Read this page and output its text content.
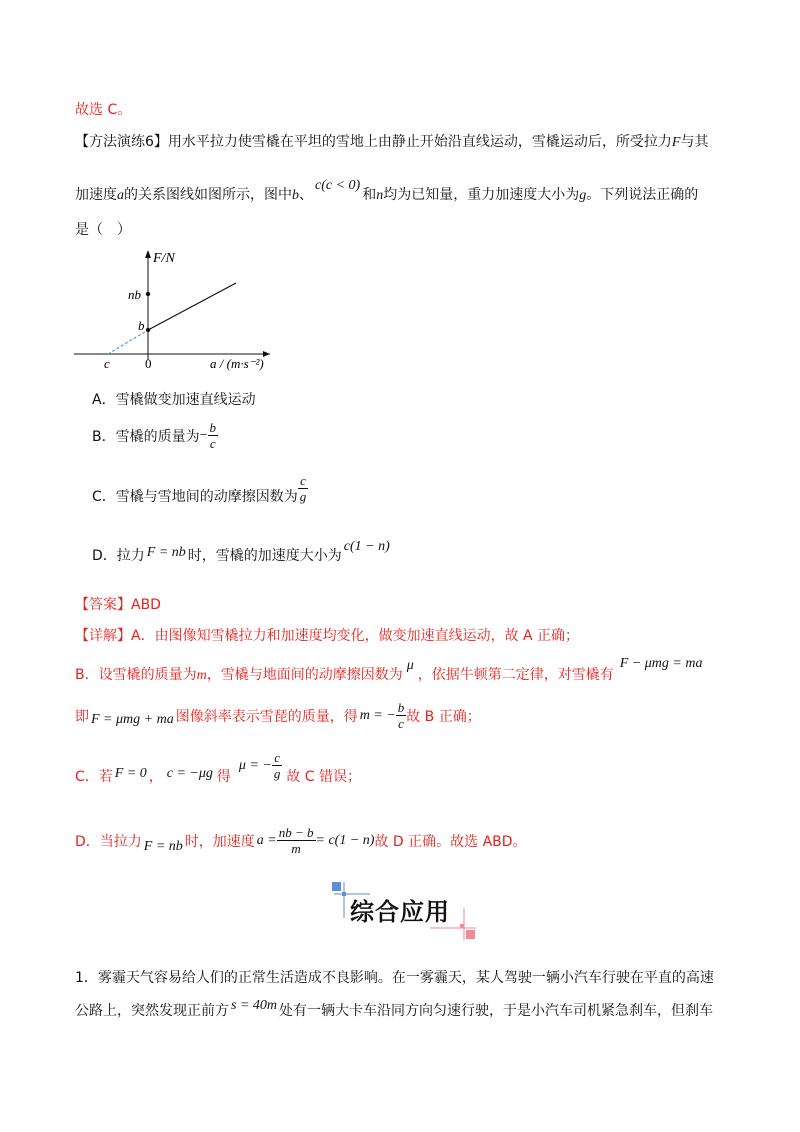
故选 C。
【方法演练6】用水平拉力使雪橇在平坦的雪地上由静止开始沿直线运动，雪橇运动后，所受拉力F与其
加速度a的关系图线如图所示，图中b、c(c < 0)和n均为已知量，重力加速度大小为g。下列说法正确的
是（　）
F/N
nb
b
c	0	a / (m·s⁻²)
A．雪橇做变加速直线运动
B．雪橇的质量为 − $\frac{b}{c}$
C．雪橇与雪地间的动摩擦因数为 $\frac{c}{g}$
D．拉力 F = nb 时，雪橇的加速度大小为c(1 − n)
【答案】ABD
【详解】A．由图像知雪橇拉力和加速度均变化，做变加速直线运动，故 A 正确；
B．设雪橇的质量为m，雪橇与地面间的动摩擦因数为μ，依据牛顿第二定律，对雪橇有F − μmg = ma
即 F = μmg + ma 图像斜率表示雪琵的质量，得 m = − $\frac{b}{c}$ 故 B 正确；
C．若 F = 0 ， c = −μg 得
μ = − $\frac{c}{g}$ 故 C 错误；
D．当拉力 F = nb 时，加速度 $a = \frac{nb - b}{m} = c(1 - n)$ 故 D 正确。故选 ABD。
综合应用
1．雾霾天气容易给人们的正常生活造成不良影响。在一雾霾天，某人驾驶一辆小汽车行驶在平直的高速
公路上，突然发现正前方 s = 40m 处有一辆大卡车沿同方向匀速行驶，于是小汽车司机紧急刹车，但刹车
